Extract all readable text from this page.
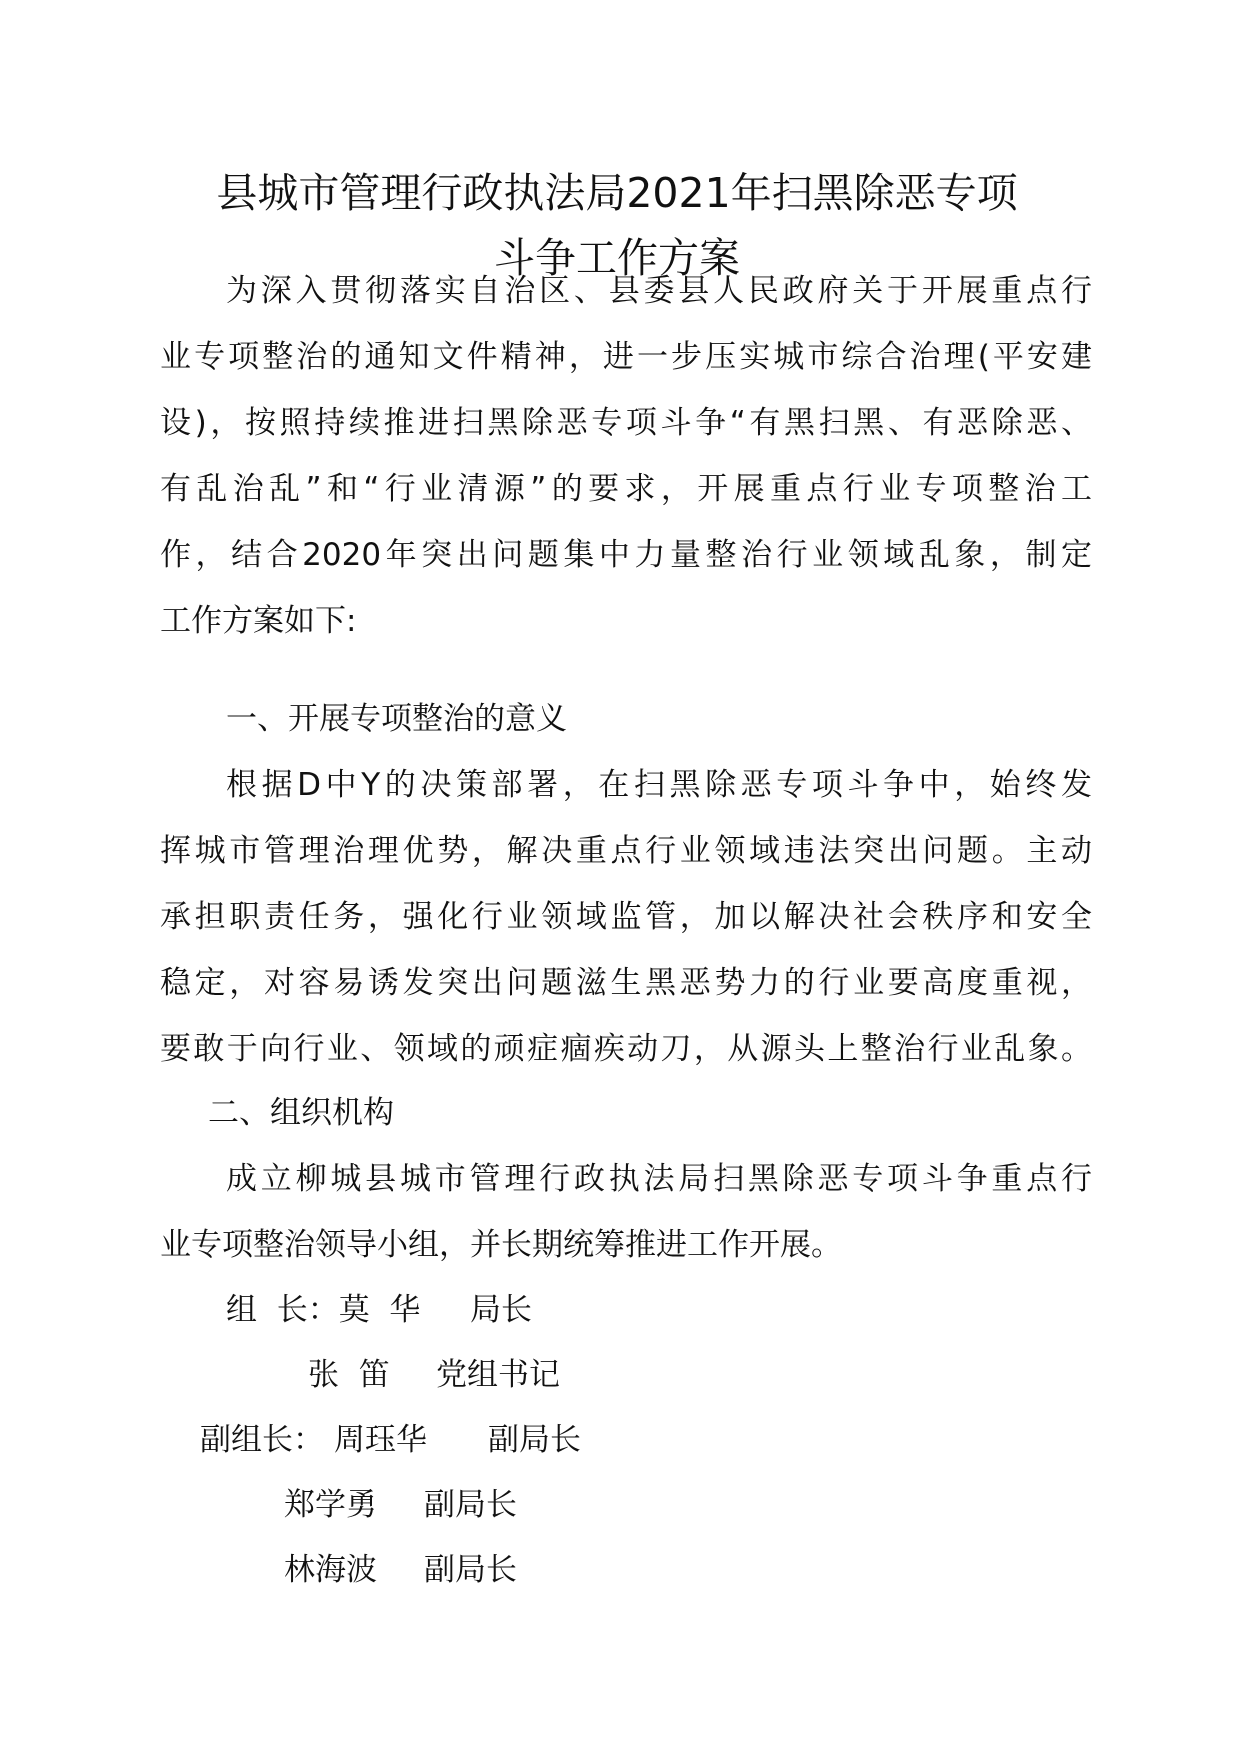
县城市管理行政执法局2021年扫黑除恶专项
斗争工作方案
为深入贯彻落实自治区、县委县人民政府关于开展重点行
业专项整治的通知文件精神，进一步压实城市综合治理(平安建
设)，按照持续推进扫黑除恶专项斗争“有黑扫黑、有恶除恶、
有乱治乱”和“行业清源”的要求，开展重点行业专项整治工
作，结合2020年突出问题集中力量整治行业领域乱象，制定
工作方案如下:
一、开展专项整治的意义
根据D中Y的决策部署，在扫黑除恶专项斗争中，始终发
挥城市管理治理优势，解决重点行业领域违法突出问题。主动
承担职责任务，强化行业领域监管，加以解决社会秩序和安全
稳定，对容易诱发突出问题滋生黑恶势力的行业要高度重视，
要敢于向行业、领域的顽症痼疾动刀，从源头上整治行业乱象。
二、组织机构
成立柳城县城市管理行政执法局扫黑除恶专项斗争重点行
业专项整治领导小组，并长期统筹推进工作开展。
组  长：莫  华 局长
张  笛 党组书记
副组长： 周珏华 副局长
郑学勇 副局长
林海波 副局长
